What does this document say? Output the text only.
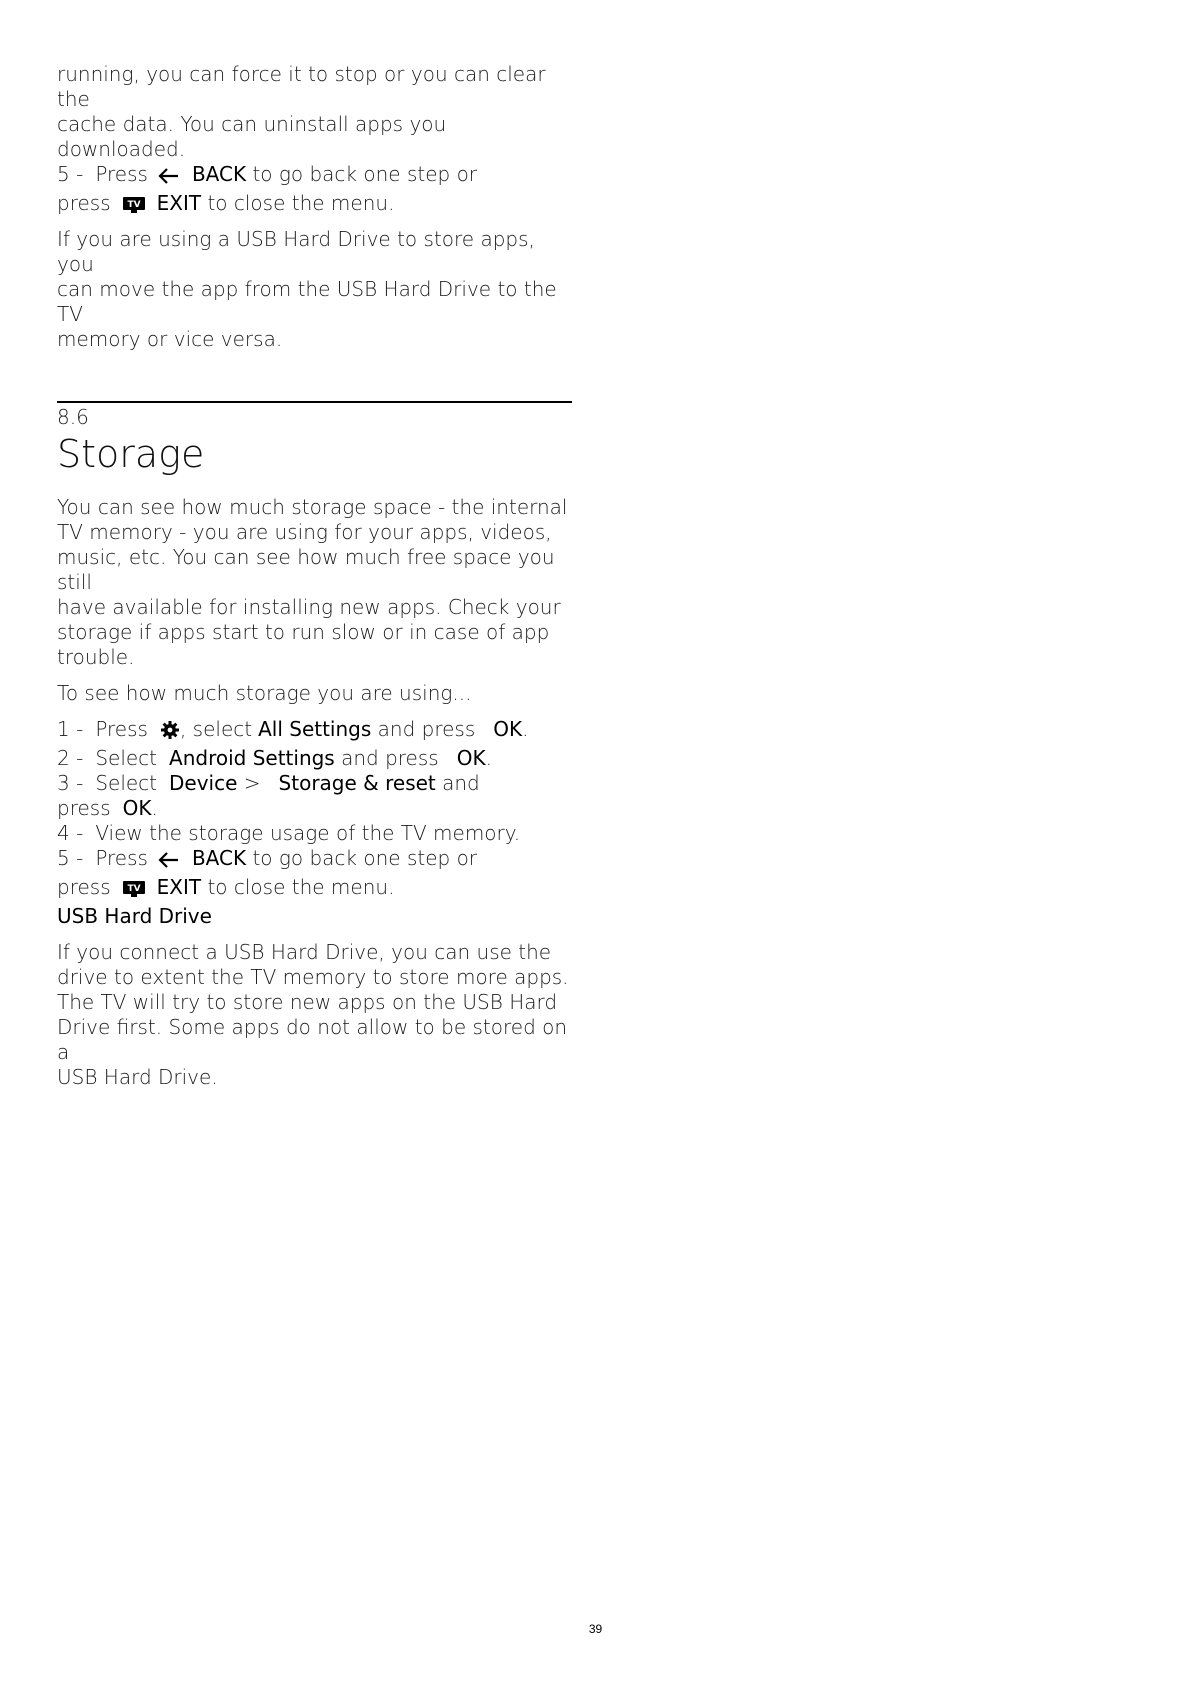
running, you can force it to stop or you can clear the

cache data. You can uninstall apps you downloaded.

5 - Press BACK to go back one step or

press TV EXIT to close the menu.

If you are using a USB Hard Drive to store apps, you

can move the app from the USB Hard Drive to the TV

memory or vice versa.

8.6
Storage

You can see how much storage space - the internal

TV memory - you are using for your apps, videos,

music, etc. You can see how much free space you still

have available for installing new apps. Check your

storage if apps start to run slow or in case of app

trouble.

To see how much storage you are using...

1 - Press , select All Settings and press OK.

2 - Select Android Settings and press OK.

3 - Select Device > Storage & reset and

press OK.

4 - View the storage usage of the TV memory.

5 - Press BACK to go back one step or

press TV EXIT to close the menu.

USB Hard Drive

If you connect a USB Hard Drive, you can use the

drive to extent the TV memory to store more apps.

The TV will try to store new apps on the USB Hard

Drive first. Some apps do not allow to be stored on a

USB Hard Drive.

39
